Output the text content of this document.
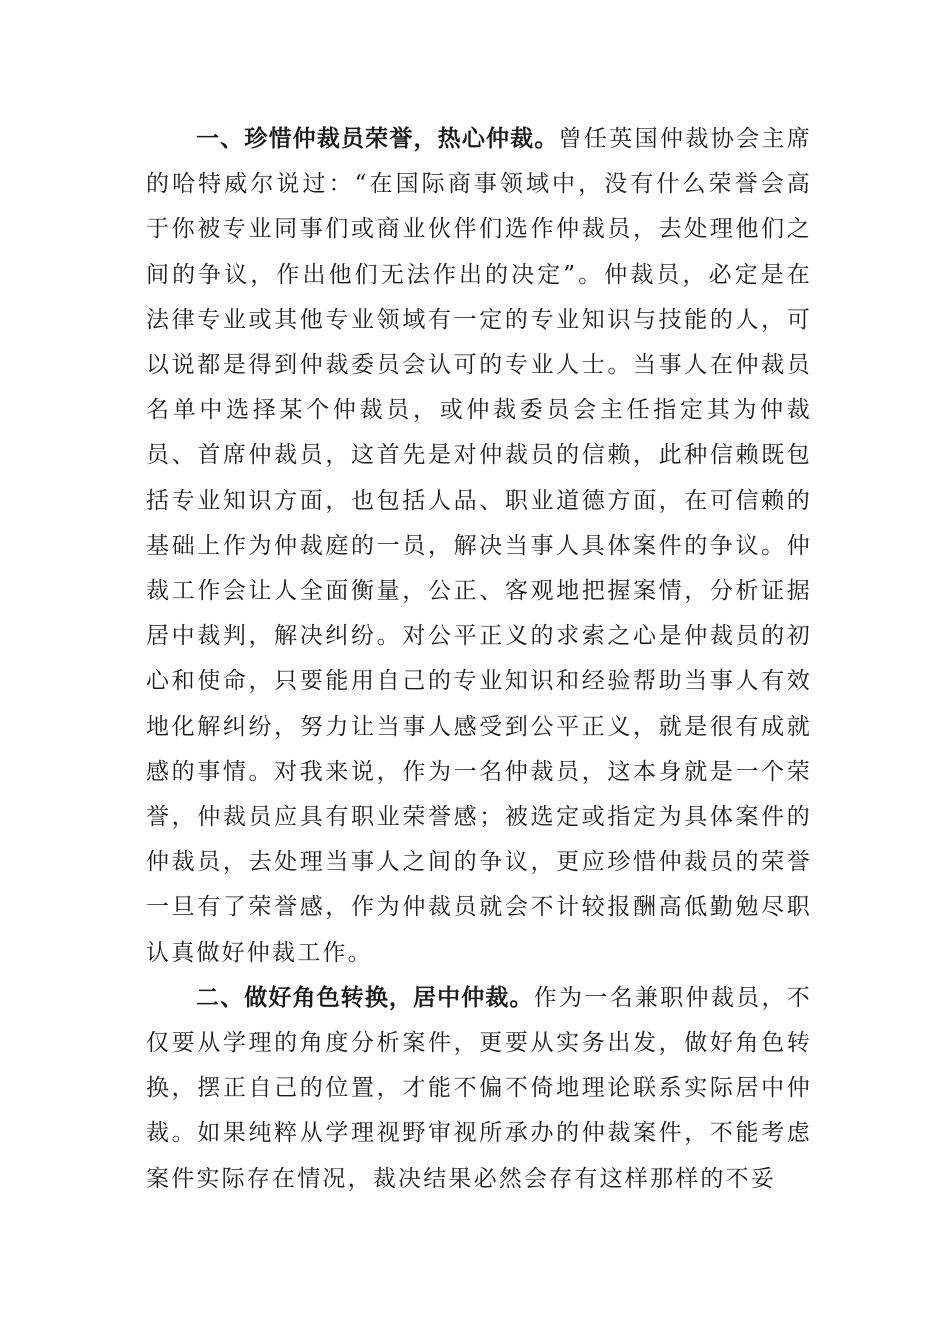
一、珍惜仲裁员荣誉，热心仲裁。曾任英国仲裁协会主席的哈特威尔说过：“在国际商事领域中，没有什么荣誉会高于你被专业同事们或商业伙伴们选作仲裁员，去处理他们之间的争议，作出他们无法作出的决定”。仲裁员，必定是在法律专业或其他专业领域有一定的专业知识与技能的人，可以说都是得到仲裁委员会认可的专业人士。当事人在仲裁员名单中选择某个仲裁员，或仲裁委员会主任指定其为仲裁员、首席仲裁员，这首先是对仲裁员的信赖，此种信赖既包括专业知识方面，也包括人品、职业道德方面，在可信赖的基础上作为仲裁庭的一员，解决当事人具体案件的争议。仲裁工作会让人全面衡量，公正、客观地把握案情，分析证据居中裁判，解决纠纷。对公平正义的求索之心是仲裁员的初心和使命，只要能用自己的专业知识和经验帮助当事人有效地化解纠纷，努力让当事人感受到公平正义，就是很有成就感的事情。对我来说，作为一名仲裁员，这本身就是一个荣誉，仲裁员应具有职业荣誉感；被选定或指定为具体案件的仲裁员，去处理当事人之间的争议，更应珍惜仲裁员的荣誉一旦有了荣誉感，作为仲裁员就会不计较报酬高低勤勉尽职认真做好仲裁工作。

二、做好角色转换，居中仲裁。作为一名兼职仲裁员，不仅要从学理的角度分析案件，更要从实务出发，做好角色转换，摆正自己的位置，才能不偏不倚地理论联系实际居中仲裁。如果纯粹从学理视野审视所承办的仲裁案件，不能考虑案件实际存在情况，裁决结果必然会存有这样那样的不妥
